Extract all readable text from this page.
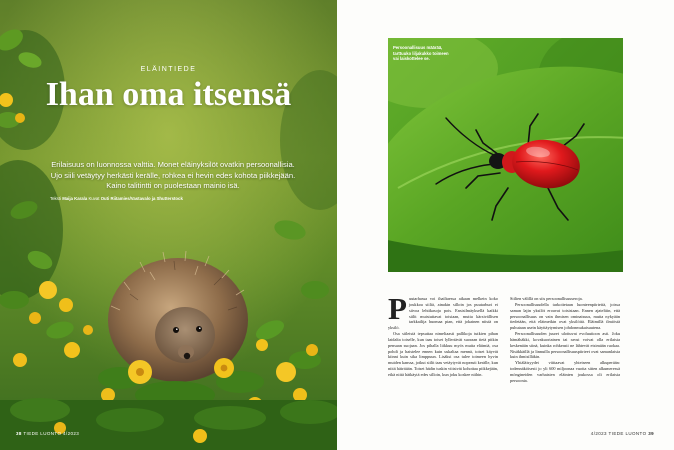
ELÄINTIEDE
Ihan oma itsensä
Erilaisuus on luonnossa valttia. Monet eläinyksilöt ovatkin persoonallisia. Ujo siili vetäytyy herkästi kerälle, rohkea ei hevin edes kohota piikkejään. Kaino talitintti on puolestaan mainio isä.
Teksti Maija Karala Kuvat Outi Riitamies/Vastavalo ja Shutterstock
38 TIEDE LUONTO 4/2023
Persoonallisuus määrää, tarttuuko liljakukko toimeen vai laiskottelee se.

Puutarhassa voi ihailtaessa aikaan melkein koko joukkoa siiliä, ainakin silloin jos puutarhuri ei siivoa lehtikasoja pois. Ensisilmäyksellä kaikki siilit muistuttavat toisiaan, mutta kärsivällisen tarkkailija huomaa pian, että jokainen niistä on yksilö.

Osa siileistä tepsuttaa nimeliaasti pallikoja tutkien pihan laidalta toiselle, kun taas toiset lyllertävät suoraan tietä pitkin pensaan suojaan. Jos pihalla liikkuu myös muita eläimiä, osa pohdi ja haistelee ennen kuin uskaltaa mennä, toiset käyvät kiinni kuin sika limppuun. Lisäksi osa tulee toimeen hyvin muiden kanssa, jotkut siilit taas vetäytyvät nopeasti kerälle, kun niitä häiritään. Toiset hädin tuskin viitsivät kohottaa piikkejään, eikä niitä hätkäytä edes silloin, kun joku koskee niihin.

Siilien välillä on siis persoonallisuuseroja.

Persoonallisuudella tarkoitetaan luonteenpiirteitä, joissa saman lajin yksilöt eroavat toisistaan. Ennen ajateltiin, että persoonallisuus on vain ihmisen ominaisuus, mutta nykyään tiedetään, että eläimetkin ovat yksilöitä. Eläimillä ilmiöstä puhutaan usein käyttäytymisen johdonmukaisuutena.

Persoonallisuuden juuret ulottuvat evoluutioon asti. Joku hämähäkki, kovakuoriainen tai ravut voivat olla erilaisia keskenään siinä, kuinka rohkeasti ne lähtevät etsimään ruokaa. Nisäkkäillä ja linnuilla persoonallisuuspiirteet ovat samanlaisia kuin ihmisilläkin.

Yhtäläisyydet viittaavat yhteiseen alkuperään: todennäköisesti jo yli 600 miljoonaa vuotta sitten alkumeressä möngineiden varhaisten eläinten joukossa oli erilaisia persoonia.

4/2023 TIEDE LUONTO 39
